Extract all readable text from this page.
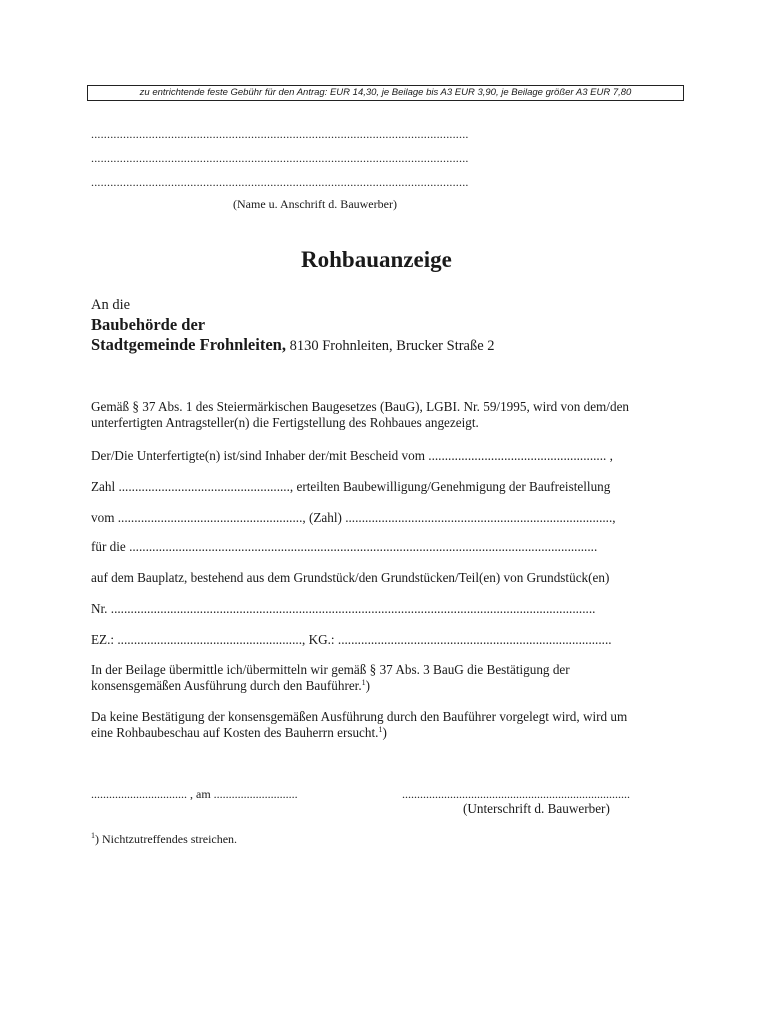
zu entrichtende feste Gebühr für den Antrag: EUR 14,30, je Beilage bis A3 EUR 3,90, je Beilage größer A3 EUR 7,80
......................................................................................................................
......................................................................................................................
......................................................................................................................
(Name u. Anschrift d. Bauwerber)
Rohbauanzeige
An die
Baubehörde der
Stadtgemeinde Frohnleiten, 8130 Frohnleiten, Brucker Straße 2
Gemäß § 37 Abs. 1 des Steiermärkischen Baugesetzes (BauG), LGBI. Nr. 59/1995, wird von dem/den
unterfertigten Antragsteller(n) die Fertigstellung des Rohbaues angezeigt.
Der/Die Unterfertigte(n) ist/sind Inhaber der/mit Bescheid vom ...................................................... ,
Zahl ...................................................., erteilten Baubewilligung/Genehmigung der Baufreistellung
vom ........................................................, (Zahl) .................................................................................,
für die ..............................................................................................................................................
auf dem Bauplatz, bestehend aus dem Grundstück/den Grundstücken/Teil(en) von Grundstück(en)
Nr. ...................................................................................................................................................
EZ.: ........................................................, KG.: ...................................................................................
In der Beilage übermittle ich/übermitteln wir gemäß § 37 Abs. 3 BauG die Bestätigung der
konsensgemäßen Ausführung durch den Bauführer.$^1$)
Da keine Bestätigung der konsensgemäßen Ausführung durch den Bauführer vorgelegt wird, wird um
eine Rohbaubeschau auf Kosten des Bauherrn ersucht.$^1$)
................................ , am ............................	............................................................................
(Unterschrift d. Bauwerber)
$^1$) Nichtzutreffendes streichen.
